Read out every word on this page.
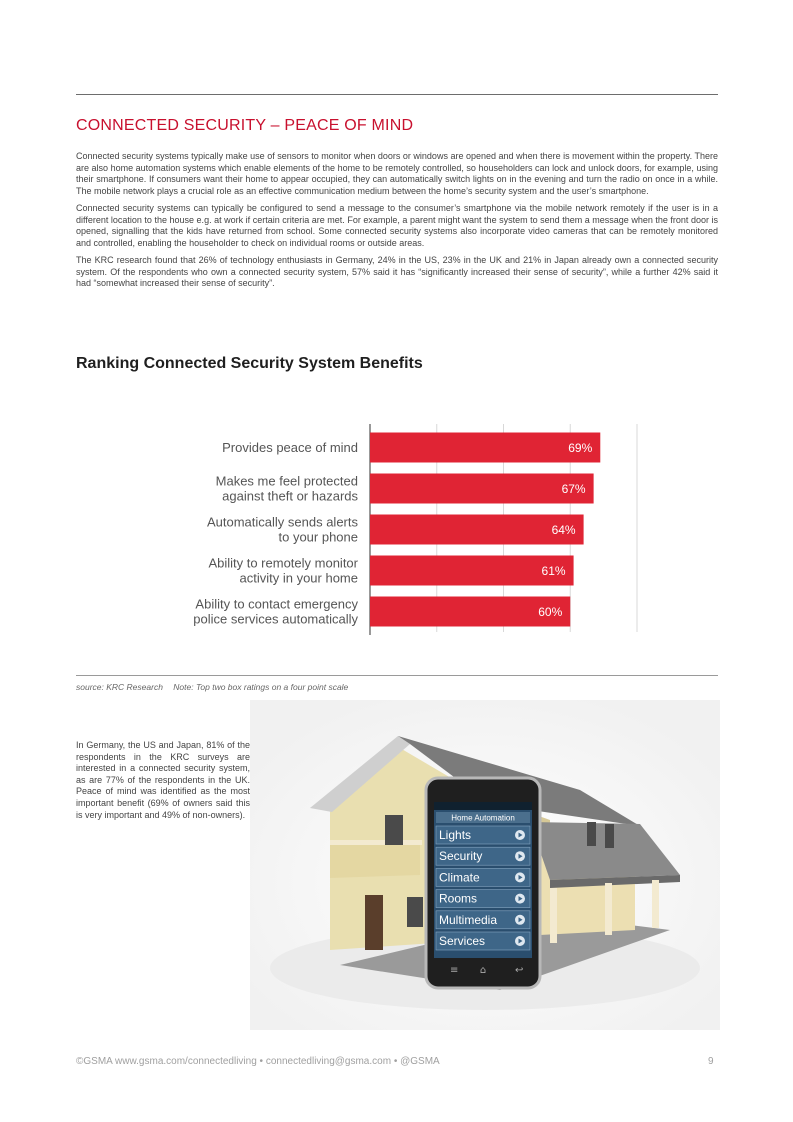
CONNECTED SECURITY – PEACE OF MIND

Connected security systems typically make use of sensors to monitor when doors or windows are opened and when there is movement within the property. There are also home automation systems which enable elements of the home to be remotely controlled, so householders can lock and unlock doors, for example, using their smartphone. If consumers want their home to appear occupied, they can automatically switch lights on in the evening and turn the radio on once in a while. The mobile network plays a crucial role as an effective communication medium between the home’s security system and the user’s smartphone.

Connected security systems can typically be configured to send a message to the consumer’s smartphone via the mobile network remotely if the user is in a different location to the house e.g. at work if certain criteria are met. For example, a parent might want the system to send them a message when the front door is opened, signalling that the kids have returned from school. Some connected security systems also incorporate video cameras that can be remotely monitored and controlled, enabling the householder to check on individual rooms or outside areas.

The KRC research found that 26% of technology enthusiasts in Germany, 24% in the US, 23% in the UK and 21% in Japan already own a connected security system. Of the respondents who own a connected security system, 57% said it has “significantly increased their sense of security”, while a further 42% said it had “somewhat increased their sense of security”.

Ranking Connected Security System Benefits
69%
Provides peace of mind
67%
Makes me feel protected against theft or hazards
64%
Automatically sends alerts to your phone
61%
Ability to remotely monitor activity in your home
60%
Ability to contact emergency police services automatically
source: KRC Research Note: Top two box ratings on a four point scale

In Germany, the US and Japan, 81% of the respondents in the KRC surveys are interested in a connected security system, as are 77% of the respondents in the UK. Peace of mind was identified as the most important benefit (69% of owners said this is very important and 49% of non-owners).	Home Automation
Lights
Security
Climate
Rooms
Multimedia
Services
≡ ⌂	↩
©GSMA www.gsma.com/connectedliving • connectedliving@gsma.com • @GSMA	9
